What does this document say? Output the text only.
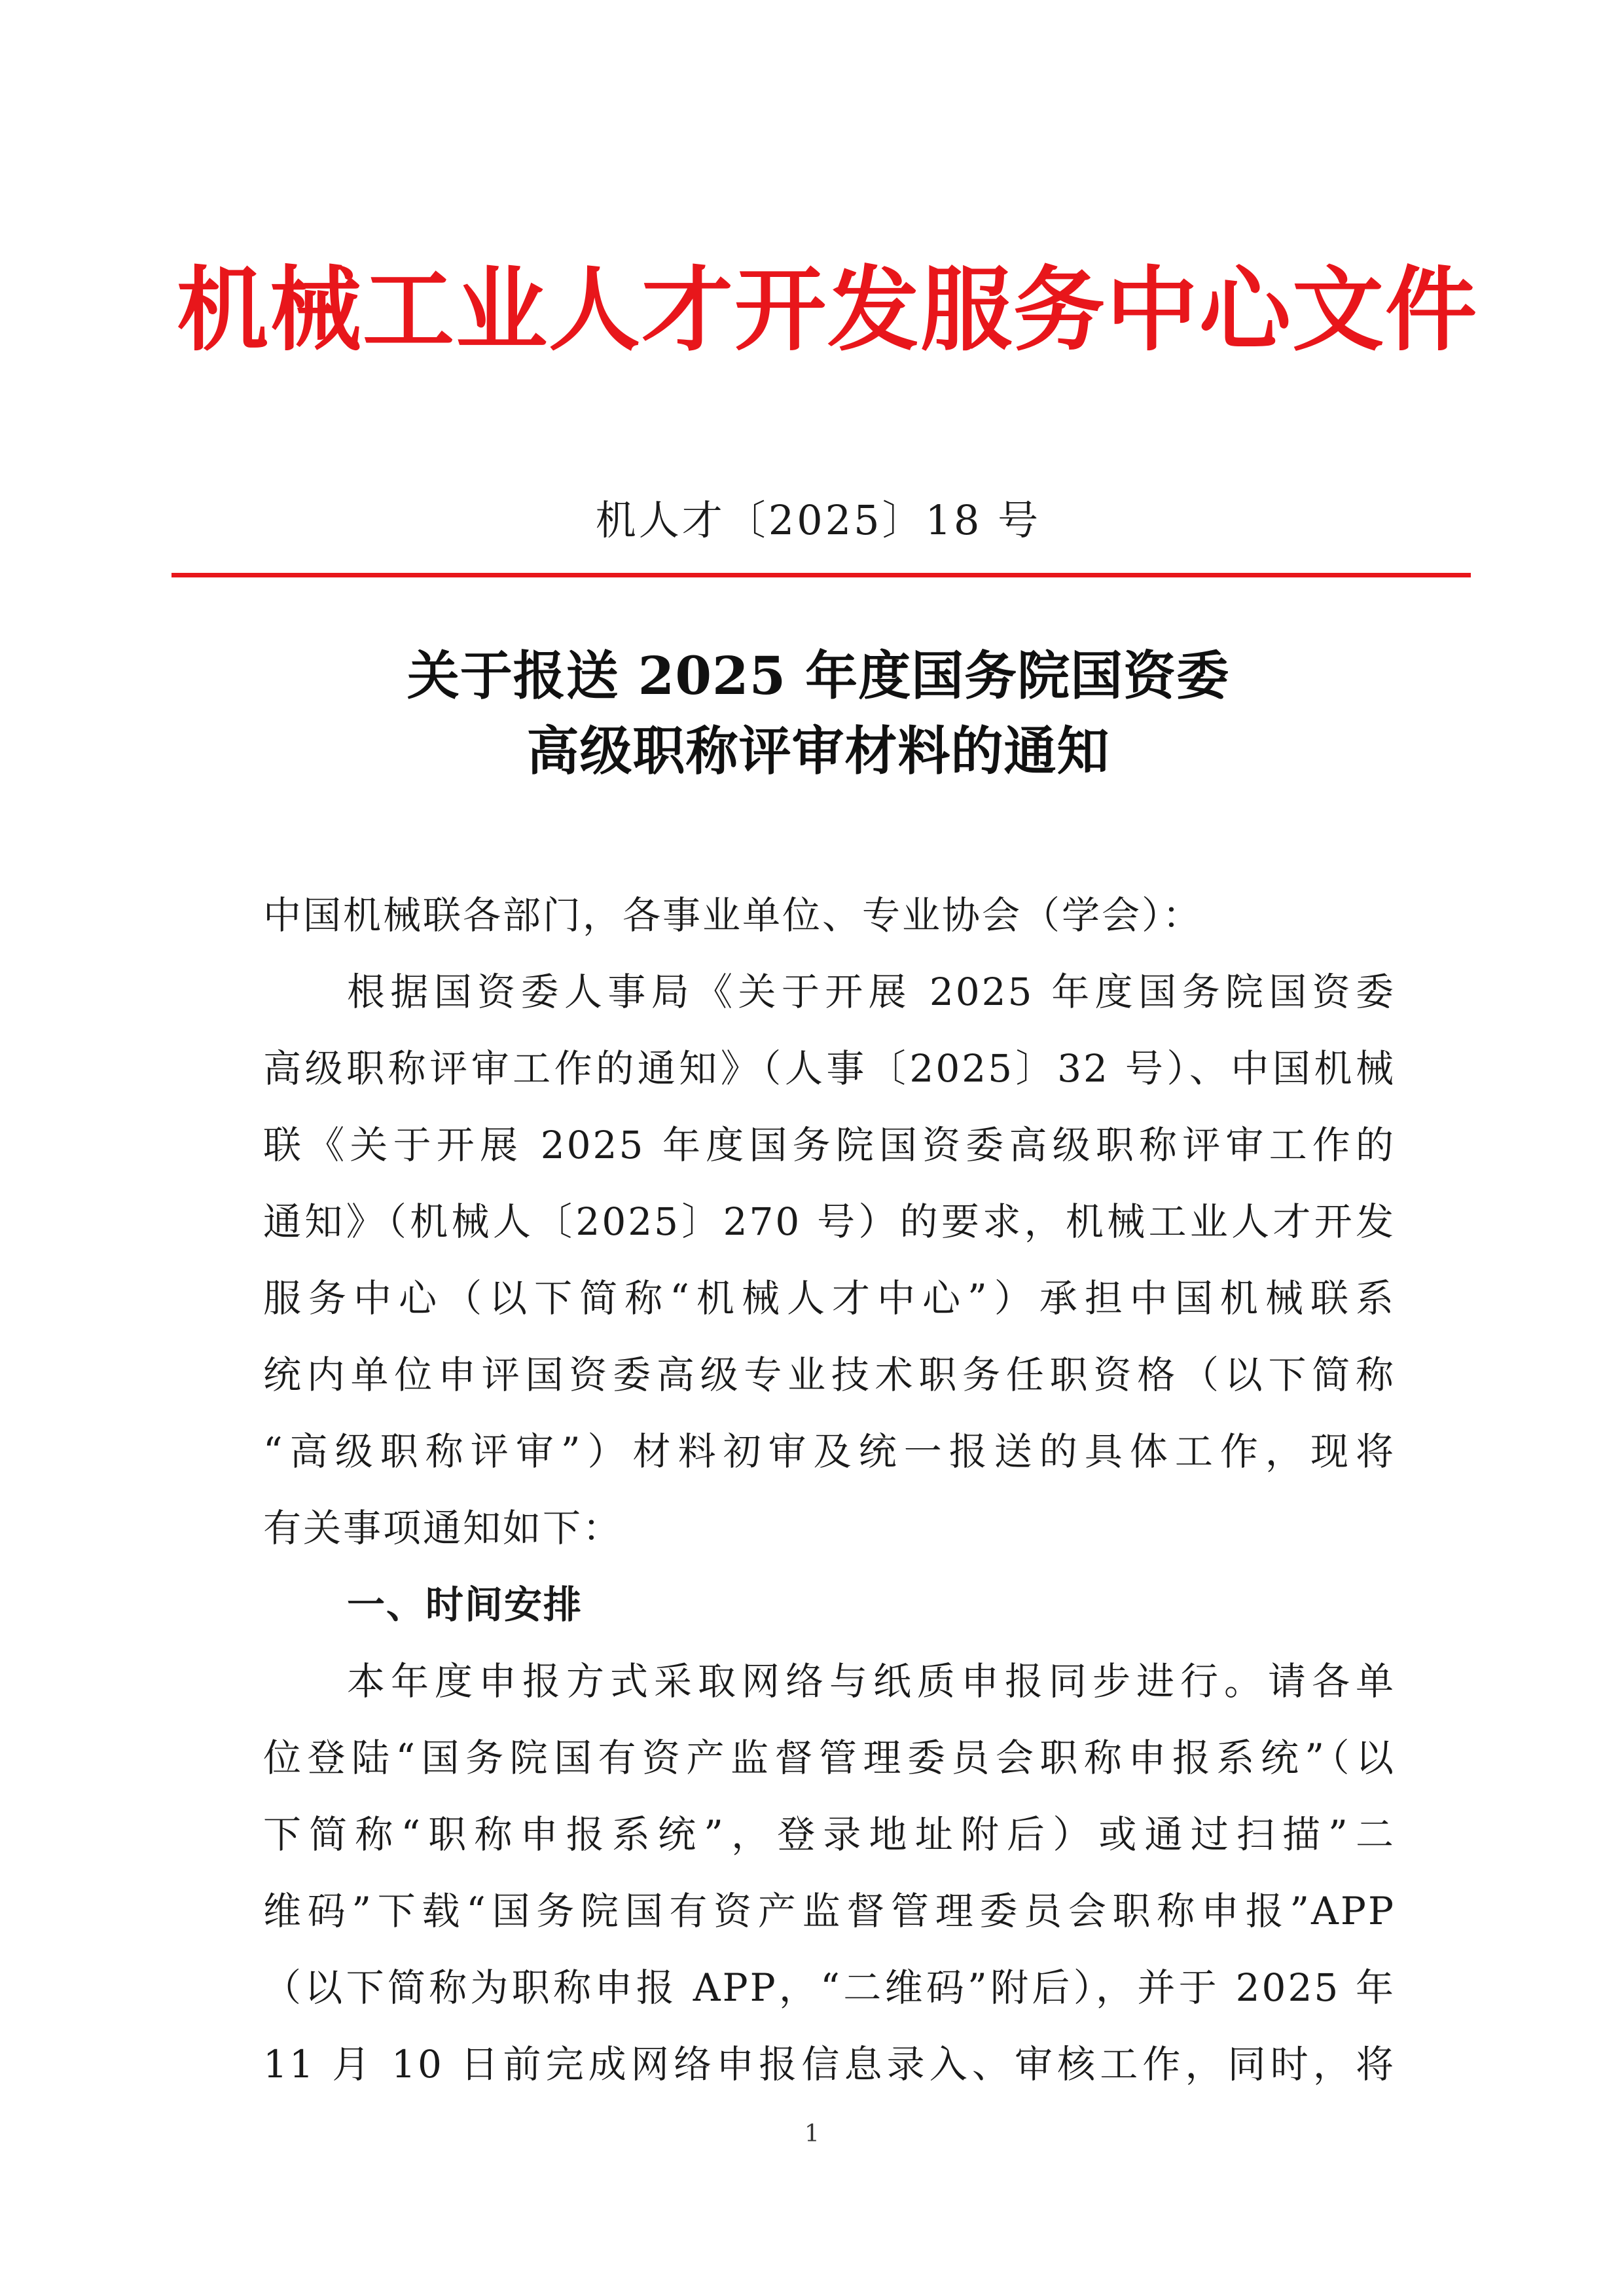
机械工业人才开发服务中心文件
机人才〔2025〕18 号
关于报送 2025 年度国务院国资委
高级职称评审材料的通知
中国机械联各部门，各事业单位、专业协会（学会）：
根据国资委人事局《关于开展 2025 年度国务院国资委
高级职称评审工作的通知》（人事〔2025〕32 号）、中国机械
联《关于开展 2025 年度国务院国资委高级职称评审工作的
通知》（机械人〔2025〕270 号）的要求，机械工业人才开发
服务中心（以下简称“机械人才中心”）承担中国机械联系
统内单位申评国资委高级专业技术职务任职资格（以下简称
“高级职称评审”）材料初审及统一报送的具体工作，现将
有关事项通知如下：
一、时间安排
本年度申报方式采取网络与纸质申报同步进行。请各单
位登陆“国务院国有资产监督管理委员会职称申报系统”（以
下简称“职称申报系统”，登录地址附后）或通过扫描”二
维码”下载“国务院国有资产监督管理委员会职称申报”APP
（以下简称为职称申报 APP，“二维码”附后），并于 2025 年
11 月 10 日前完成网络申报信息录入、审核工作，同时，将
1
